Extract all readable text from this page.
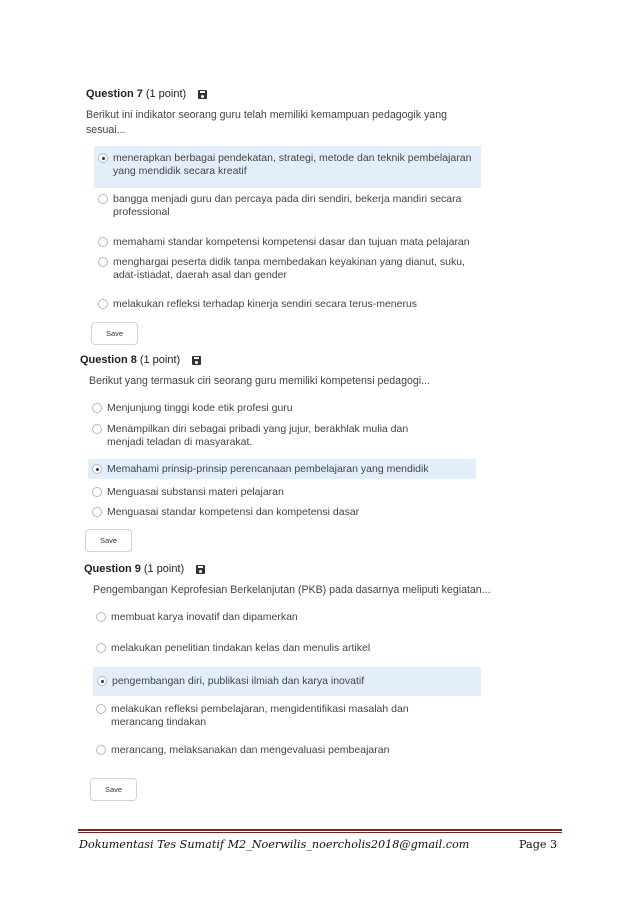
Question 7 (1 point)
Berikut ini indikator seorang guru telah memiliki kemampuan pedagogik yang sesuai...
menerapkan berbagai pendekatan, strategi, metode dan teknik pembelajaran yang mendidik secara kreatif
bangga menjadi guru dan percaya pada diri sendiri, bekerja mandiri secara professional
memahami standar kompetensi kompetensi dasar dan tujuan mata pelajaran
menghargai peserta didik tanpa membedakan keyakinan yang dianut, suku, adat-istiadat, daerah asal dan gender
melakukan refleksi terhadap kinerja sendiri secara terus-menerus
Save
Question 8 (1 point)
Berikut yang termasuk ciri seorang guru memiliki kompetensi pedagogi...
Menjunjung tinggi kode etik profesi guru
Menampilkan diri sebagai pribadi yang jujur, berakhlak mulia dan menjadi teladan di masyarakat.
Memahami prinsip-prinsip perencanaan pembelajaran yang mendidik
Menguasai substansi materi pelajaran
Menguasai standar kompetensi dan kompetensi dasar
Save
Question 9 (1 point)
Pengembangan Keprofesian Berkelanjutan (PKB) pada dasarnya meliputi kegiatan...
membuat karya inovatif dan dipamerkan
melakukan penelitian tindakan kelas dan menulis artikel
pengembangan diri, publikasi ilmiah dan karya inovatif
melakukan refleksi pembelajaran, mengidentifikasi masalah dan merancang tindakan
merancang, melaksanakan dan mengevaluasi pembeajaran
Save
Dokumentasi Tes Sumatif M2_Noerwilis_noercholis2018@gmail.com	Page 3
